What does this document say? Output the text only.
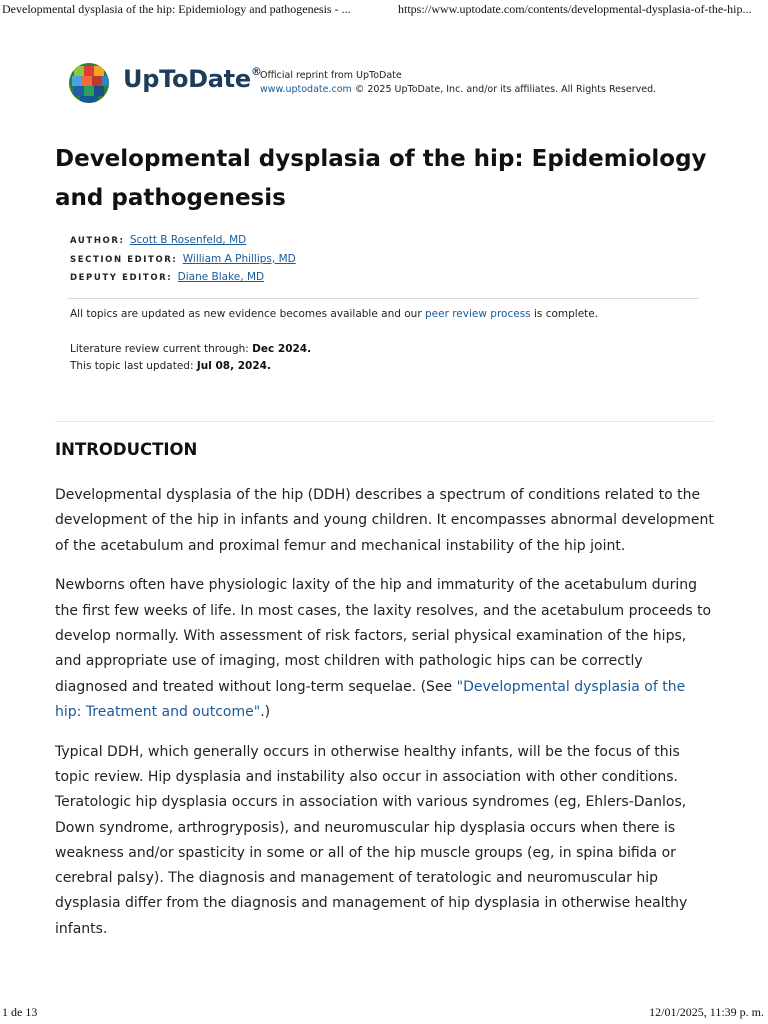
Developmental dysplasia of the hip: Epidemiology and pathogenesis - ...	https://www.uptodate.com/contents/developmental-dysplasia-of-the-hip...
UpToDate®
Official reprint from UpToDate
www.uptodate.com © 2025 UpToDate, Inc. and/or its affiliates. All Rights Reserved.
Developmental dysplasia of the hip: Epidemiology and pathogenesis
AUTHOR: Scott B Rosenfeld, MD
SECTION EDITOR: William A Phillips, MD
DEPUTY EDITOR: Diane Blake, MD
All topics are updated as new evidence becomes available and our peer review process is complete.
Literature review current through: Dec 2024.
This topic last updated: Jul 08, 2024.
INTRODUCTION

Developmental dysplasia of the hip (DDH) describes a spectrum of conditions related to the development of the hip in infants and young children. It encompasses abnormal development of the acetabulum and proximal femur and mechanical instability of the hip joint.

Newborns often have physiologic laxity of the hip and immaturity of the acetabulum during the first few weeks of life. In most cases, the laxity resolves, and the acetabulum proceeds to develop normally. With assessment of risk factors, serial physical examination of the hips, and appropriate use of imaging, most children with pathologic hips can be correctly diagnosed and treated without long-term sequelae. (See "Developmental dysplasia of the hip: Treatment and outcome".)

Typical DDH, which generally occurs in otherwise healthy infants, will be the focus of this topic review. Hip dysplasia and instability also occur in association with other conditions. Teratologic hip dysplasia occurs in association with various syndromes (eg, Ehlers-Danlos, Down syndrome, arthrogryposis), and neuromuscular hip dysplasia occurs when there is weakness and/or spasticity in some or all of the hip muscle groups (eg, in spina bifida or cerebral palsy). The diagnosis and management of teratologic and neuromuscular hip dysplasia differ from the diagnosis and management of hip dysplasia in otherwise healthy infants.

1 de 13	12/01/2025, 11:39 p. m.
